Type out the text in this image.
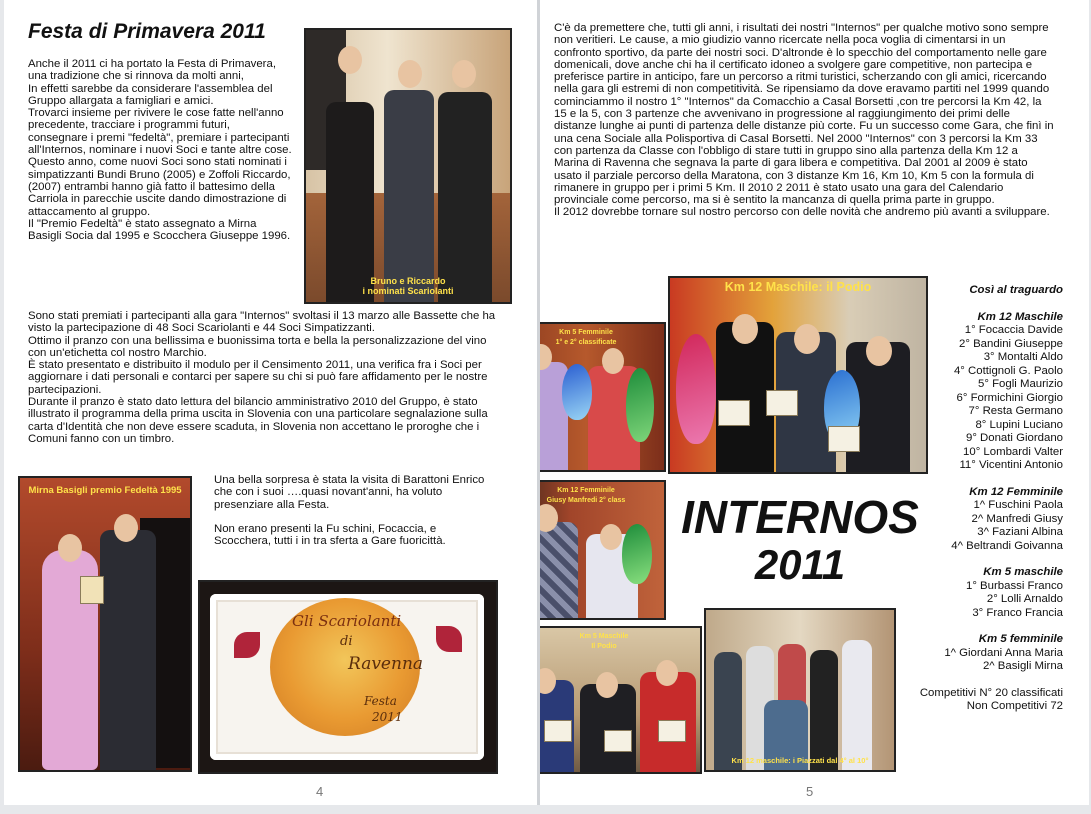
Festa di Primavera 2011

Anche il 2011 ci ha portato la Festa di Primavera, una tradizione che si rinnova da molti anni,

In effetti sarebbe da considerare l'assemblea del Gruppo allargata a famigliari e amici.

Trovarci insieme per rivivere le cose fatte nell'anno precedente, tracciare i programmi futuri, consegnare i premi "fedeltà", premiare i partecipanti all'Internos, nominare i nuovi Soci e tante altre cose.

Questo anno, come nuovi Soci sono stati nominati i simpatizzanti Bundi Bruno (2005) e Zoffoli Riccardo, (2007) entrambi hanno già fatto il battesimo della Carriola in parecchie uscite dando dimostrazione di attaccamento al gruppo.

Il "Premio Fedeltà" è stato assegnato a Mirna Basigli Socia dal 1995 e Scocchera Giuseppe 1996.

Bruno e Riccardo
i nominati Scariolanti

Sono stati premiati i partecipanti alla gara "Internos" svoltasi il 13 marzo alle Bassette che ha visto la partecipazione di 48 Soci Scariolanti e 44 Soci Simpatizzanti.

Ottimo il pranzo con una bellissima e buonissima torta e bella la personalizzazione del vino con un'etichetta col nostro Marchio.

È stato presentato e distribuito il modulo per il Censimento 2011, una verifica fra i Soci per aggiornare i dati personali e contarci per sapere su chi si può fare affidamento per le nostre partecipazioni.

Durante il pranzo è stato dato lettura del bilancio amministrativo 2010 del Gruppo, è stato illustrato il programma della prima uscita in Slovenia con una particolare segnalazione sulla carta d'Identità che non deve essere scaduta, in Slovenia non accettano le proroghe che i Comuni fanno con un timbro.

Mirna Basigli premio Fedeltà 1995

Una bella sorpresa è stata la visita di Barattoni Enrico che con i suoi ….quasi novant'anni, ha voluto presenziare alla Festa.

Non erano presenti la Fu schini, Focaccia, e Scocchera, tutti i in tra sferta a Gare fuoricittà.

Gli Scariolanti
di
Ravenna
Festa
2011
4

C'è da premettere che, tutti gli anni, i risultati dei nostri "Internos" per qualche motivo sono sempre non veritieri. Le cause, a mio giudizio vanno ricercate nella poca voglia di cimentarsi in un confronto sportivo, da parte dei nostri soci. D'altronde è lo specchio del comportamento nelle gare domenicali, dove anche chi ha il certificato idoneo a svolgere gare competitive, non partecipa e preferisce partire in anticipo, fare un percorso a ritmi turistici, scherzando con gli amici, ricercando nella gara gli estremi di non competitività. Se ripensiamo da dove eravamo partiti nel 1999 quando cominciammo il nostro 1° "Internos" da Comacchio a Casal Borsetti ,con tre percorsi la Km 42, la 15 e la 5, con 3 partenze che avvenivano in progressione al raggiungimento dei primi delle distanze lunghe ai punti di partenza delle distanze più corte. Fu un successo come Gara, che finì in una cena Sociale alla Polisportiva di Casal Borsetti. Nel 2000 "Internos" con 3 percorsi la Km 33 con partenza da Classe con l'obbligo di stare tutti in gruppo sino alla partenza della Km 12 a Marina di Ravenna che segnava la parte di gara libera e competitiva. Dal 2001 al 2009 è stato usato il parziale percorso della Maratona, con 3 distanze Km 16, Km 10, Km 5 con la formula di rimanere in gruppo per i primi 5 Km. Il 2010 2 2011 è stato usato una gara del Calendario provinciale come percorso, ma si è sentito la mancanza di quella prima parte in gruppo.

Il 2012 dovrebbe tornare sul nostro percorso con delle novità che andremo più avanti a sviluppare.

Km 12 Maschile: il Podio
Km 5 Femminile
1° e 2° classificate
Km 12 Femminile
Giusy Manfredi 2° class
Km 5 Maschile
Il Podio
INTERNOS
2011
Km 12 maschile: i Piazzati dal 4° al 10°
Così al traguardo
Km 12 Maschile
1° Focaccia Davide
2° Bandini Giuseppe
3° Montalti Aldo
4° Cottignoli G. Paolo
5° Fogli Maurizio
6° Formichini Giorgio
7° Resta Germano
8° Lupini Luciano
9° Donati Giordano
10° Lombardi Valter
11° Vicentini Antonio
Km 12 Femminile
1^ Fuschini Paola
2^ Manfredi Giusy
3^ Faziani Albina
4^ Beltrandi Goivanna
Km 5 maschile
1° Burbassi Franco
2° Lolli Arnaldo
3° Franco Francia
Km 5 femminile
1^ Giordani Anna Maria
2^ Basigli Mirna
Competitivi N° 20 classificati
Non Competitivi 72
5
